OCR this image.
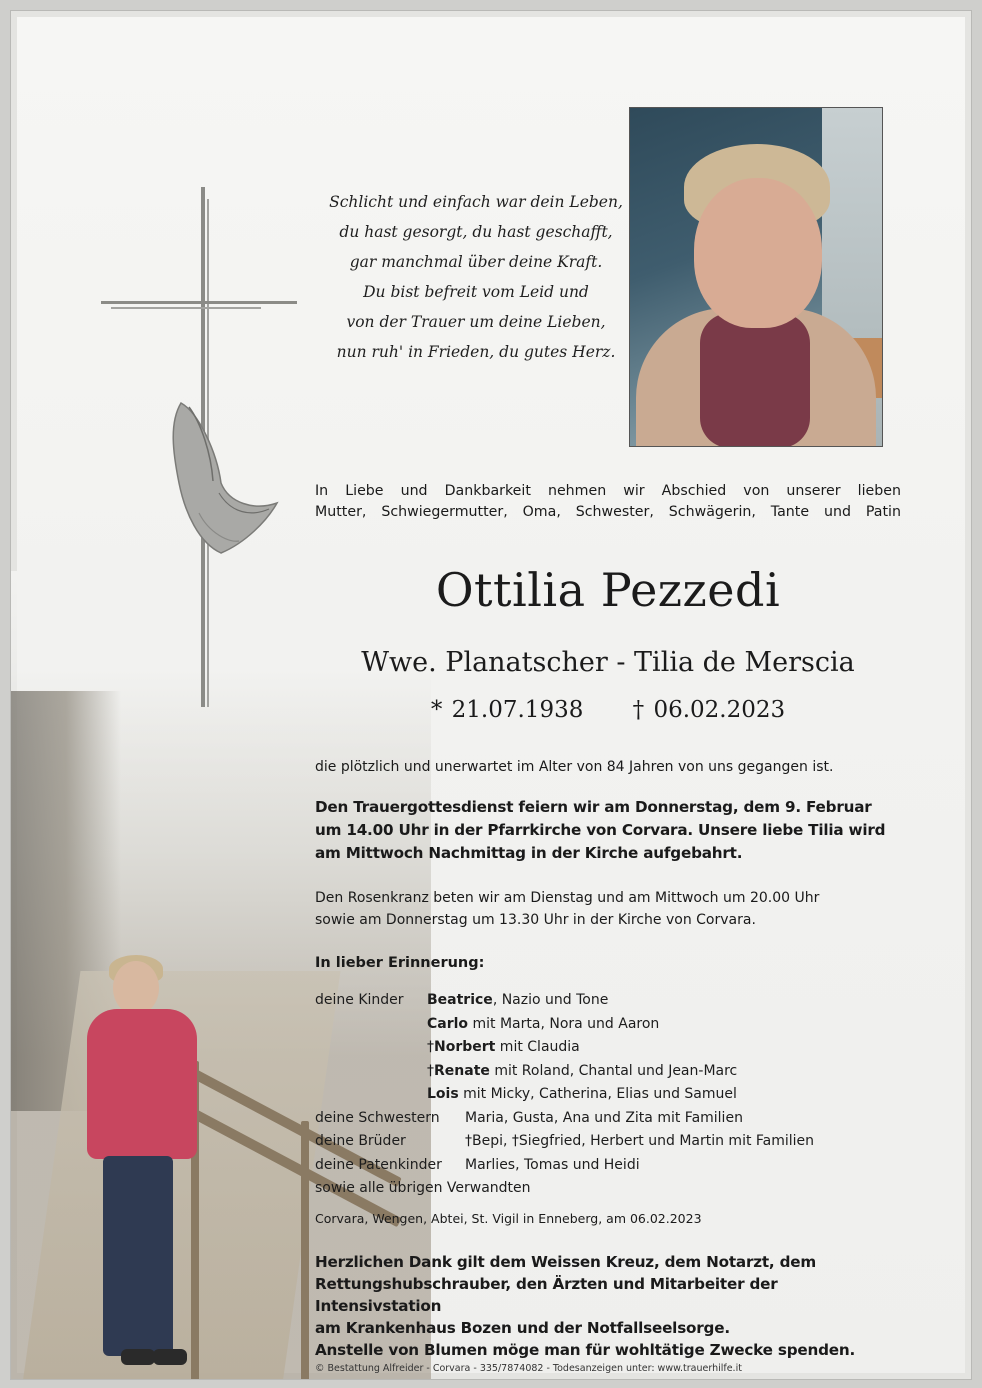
Schlicht und einfach war dein Leben,
du hast gesorgt, du hast geschafft,
gar manchmal über deine Kraft.
Du bist befreit vom Leid und
von der Trauer um deine Lieben,
nun ruh' in Frieden, du gutes Herz.
In Liebe und Dankbarkeit nehmen wir Abschied von unserer lieben
Mutter, Schwiegermutter, Oma, Schwester, Schwägerin, Tante und Patin
Ottilia Pezzedi
Wwe. Planatscher - Tilia de Merscia
* 21.07.1938 † 06.02.2023
die plötzlich und unerwartet im Alter von 84 Jahren von uns gegangen ist.
Den Trauergottesdienst feiern wir am Donnerstag, dem 9. Februar
um 14.00 Uhr in der Pfarrkirche von Corvara. Unsere liebe Tilia wird
am Mittwoch Nachmittag in der Kirche aufgebahrt.
Den Rosenkranz beten wir am Dienstag und am Mittwoch um 20.00 Uhr
sowie am Donnerstag um 13.30 Uhr in der Kirche von Corvara.
In lieber Erinnerung:
deine Kinder	Beatrice, Nazio und Tone
Carlo mit Marta, Nora und Aaron
†Norbert mit Claudia
†Renate mit Roland, Chantal und Jean-Marc
Lois mit Micky, Catherina, Elias und Samuel
deine Schwestern	Maria, Gusta, Ana und Zita mit Familien
deine Brüder	†Bepi, †Siegfried, Herbert und Martin mit Familien
deine Patenkinder	Marlies, Tomas und Heidi
sowie alle übrigen Verwandten
Corvara, Wengen, Abtei, St. Vigil in Enneberg, am 06.02.2023
Herzlichen Dank gilt dem Weissen Kreuz, dem Notarzt, dem
Rettungshubschrauber, den Ärzten und Mitarbeiter der Intensivstation
am Krankenhaus Bozen und der Notfallseelsorge.
Anstelle von Blumen möge man für wohltätige Zwecke spenden.
© Bestattung Alfreider - Corvara - 335/7874082 - Todesanzeigen unter: www.trauerhilfe.it
